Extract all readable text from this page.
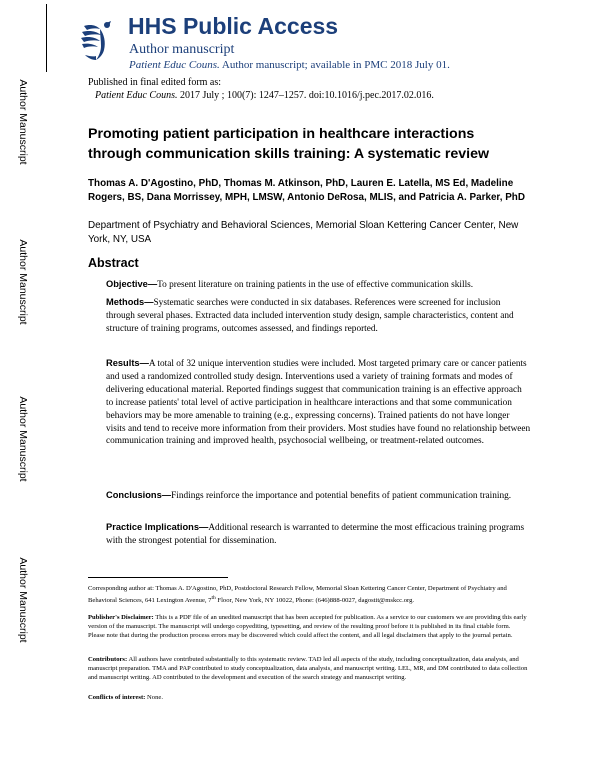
Author Manuscript
Author Manuscript
Author Manuscript
Author Manuscript
HHS Public Access
Author manuscript
Patient Educ Couns. Author manuscript; available in PMC 2018 July 01.
Published in final edited form as:
Patient Educ Couns. 2017 July ; 100(7): 1247–1257. doi:10.1016/j.pec.2017.02.016.
Promoting patient participation in healthcare interactions through communication skills training: A systematic review
Thomas A. D'Agostino, PhD, Thomas M. Atkinson, PhD, Lauren E. Latella, MS Ed, Madeline Rogers, BS, Dana Morrissey, MPH, LMSW, Antonio DeRosa, MLIS, and Patricia A. Parker, PhD
Department of Psychiatry and Behavioral Sciences, Memorial Sloan Kettering Cancer Center, New York, NY, USA
Abstract
Objective—To present literature on training patients in the use of effective communication skills.
Methods—Systematic searches were conducted in six databases. References were screened for inclusion through several phases. Extracted data included intervention study design, sample characteristics, content and structure of training programs, outcomes assessed, and findings reported.
Results—A total of 32 unique intervention studies were included. Most targeted primary care or cancer patients and used a randomized controlled study design. Interventions used a variety of training formats and modes of delivering educational material. Reported findings suggest that communication training is an effective approach to increase patients' total level of active participation in healthcare interactions and that some communication behaviors may be more amenable to training (e.g., expressing concerns). Trained patients do not have longer visits and tend to receive more information from their providers. Most studies have found no relationship between communication training and improved health, psychosocial wellbeing, or treatment-related outcomes.
Conclusions—Findings reinforce the importance and potential benefits of patient communication training.
Practice Implications—Additional research is warranted to determine the most efficacious training programs with the strongest potential for dissemination.
Corresponding author at: Thomas A. D'Agostino, PhD, Postdoctoral Research Fellow, Memorial Sloan Kettering Cancer Center, Department of Psychiatry and Behavioral Sciences, 641 Lexington Avenue, 7th Floor, New York, NY 10022, Phone: (646)888-0027, dagostit@mskcc.org.
Publisher's Disclaimer: This is a PDF file of an unedited manuscript that has been accepted for publication. As a service to our customers we are providing this early version of the manuscript. The manuscript will undergo copyediting, typesetting, and review of the resulting proof before it is published in its final citable form. Please note that during the production process errors may be discovered which could affect the content, and all legal disclaimers that apply to the journal pertain.
Contributors: All authors have contributed substantially to this systematic review. TAD led all aspects of the study, including conceptualization, data analysis, and manuscript preparation. TMA and PAP contributed to study conceptualization, data analysis, and manuscript writing. LEL, MR, and DM contributed to data collection and manuscript writing. AD contributed to the development and execution of the search strategy and manuscript writing.
Conflicts of interest: None.
